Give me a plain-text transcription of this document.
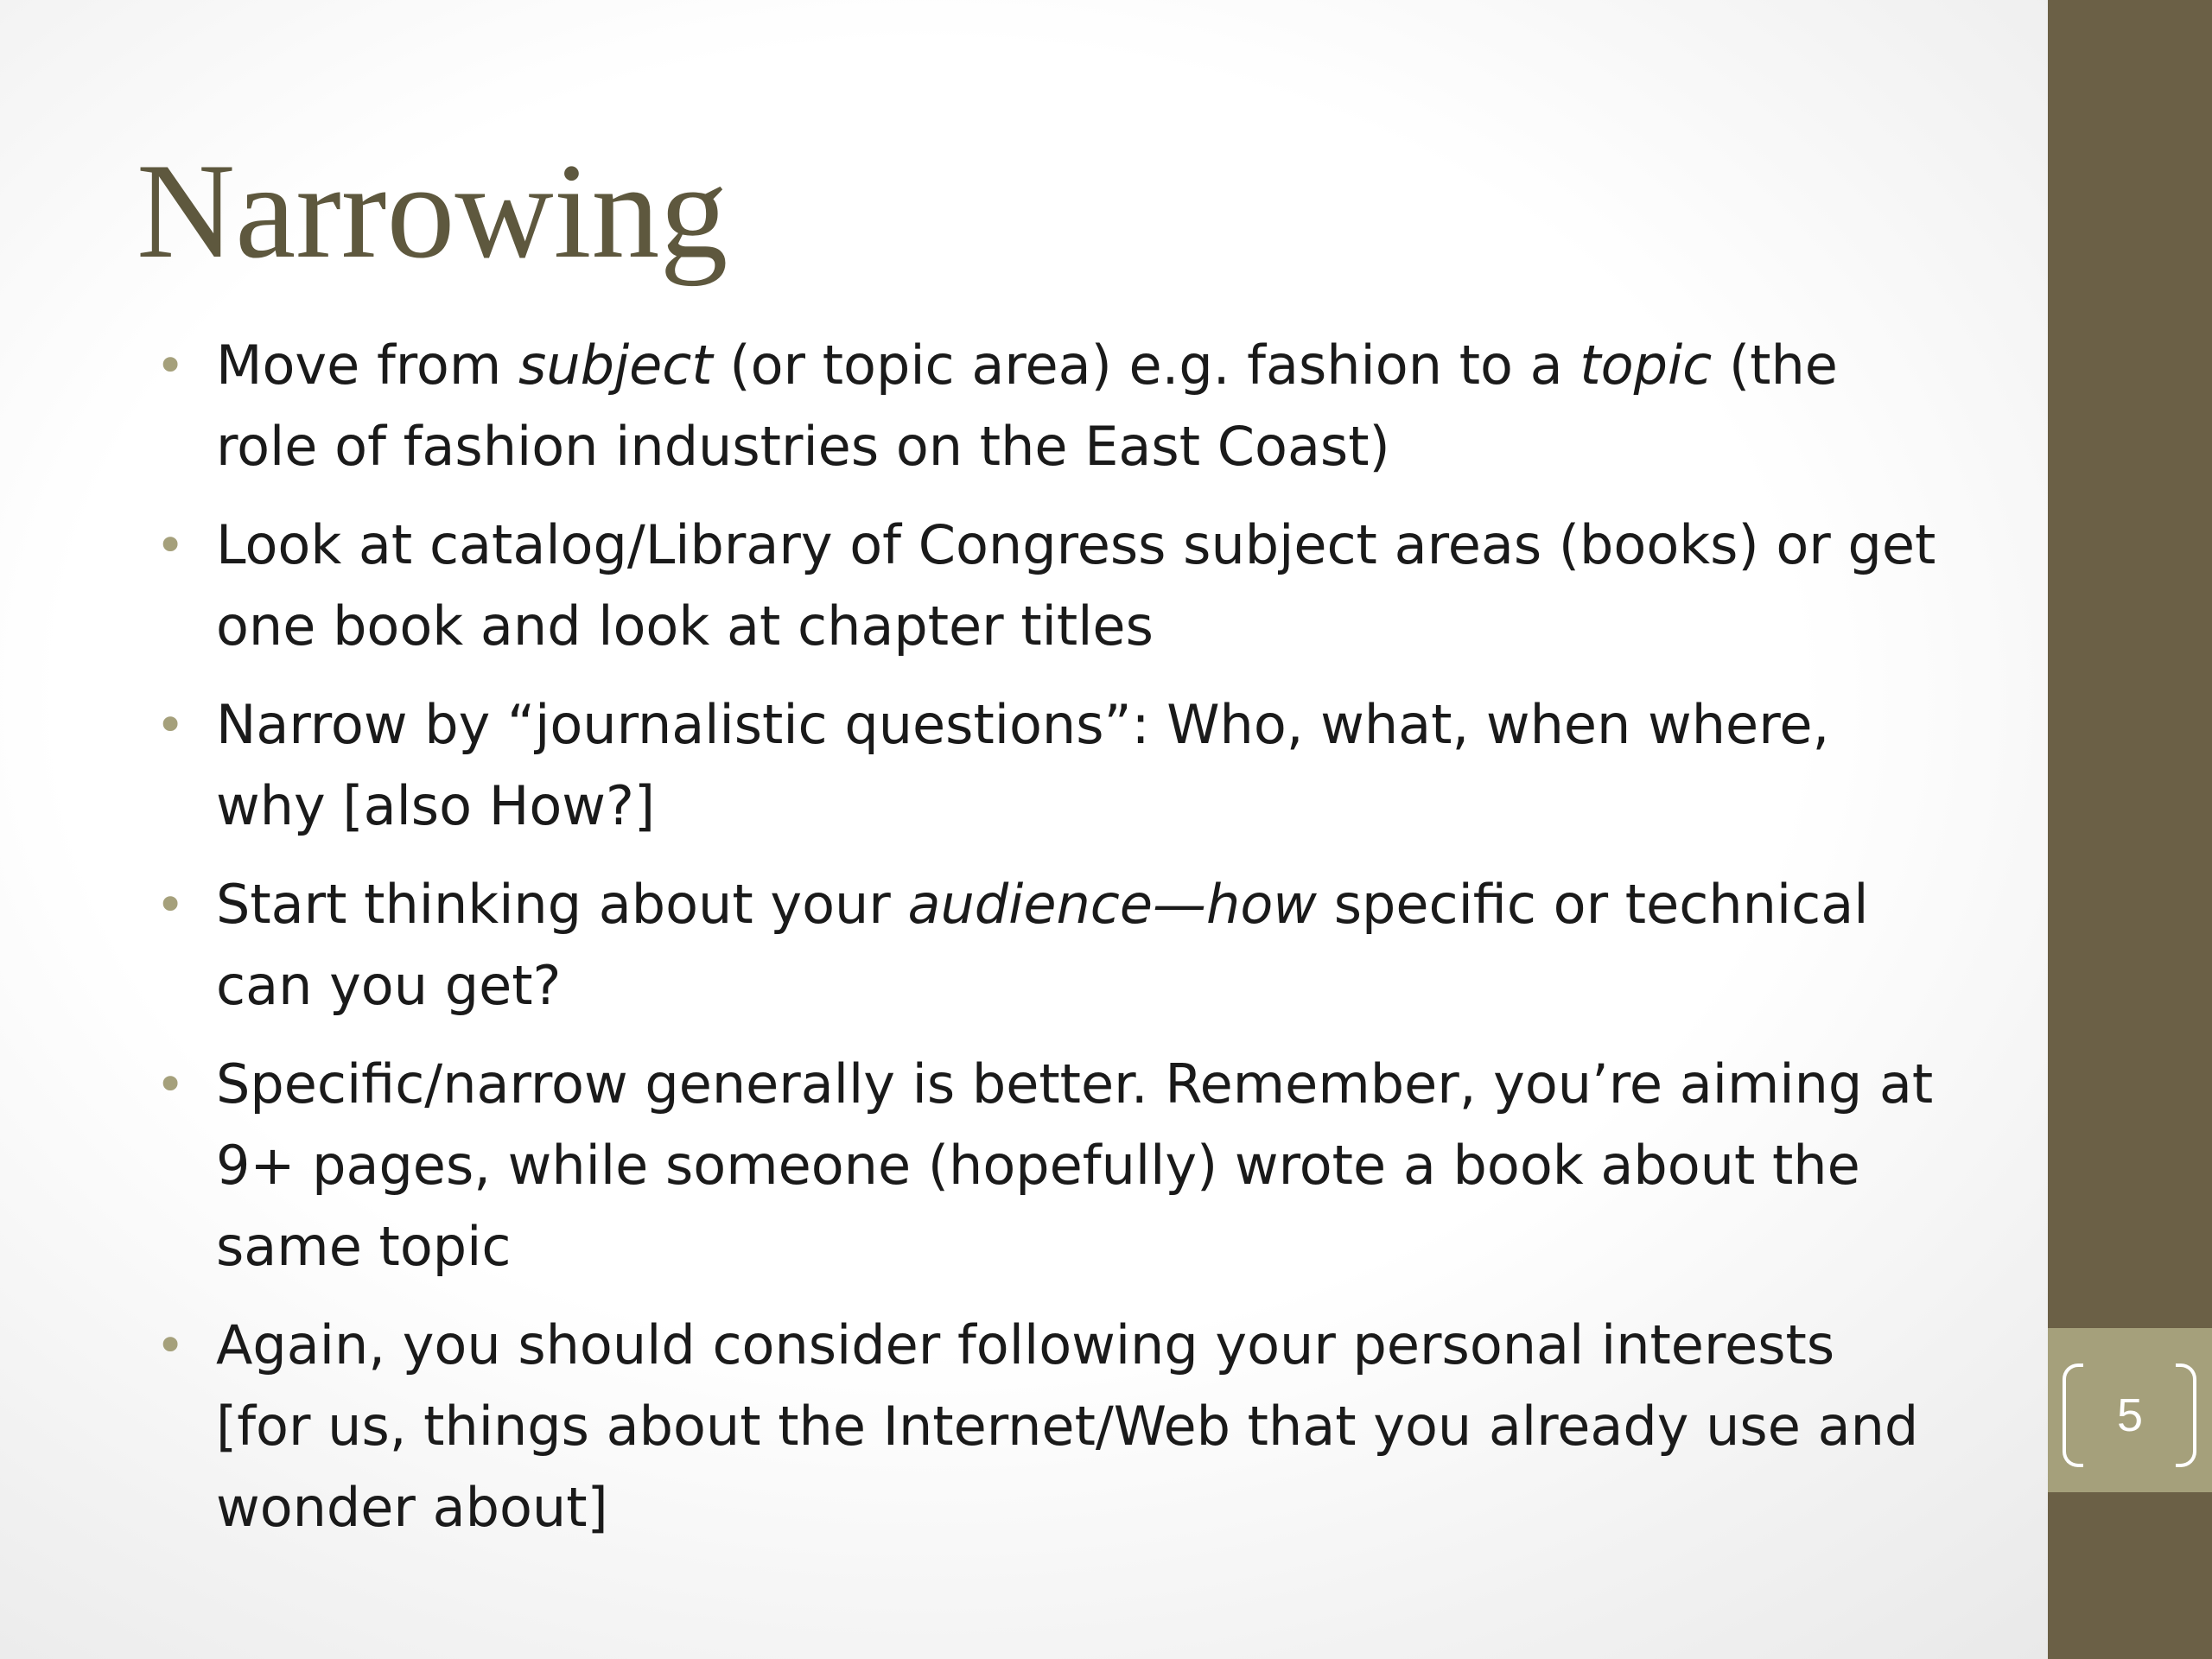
5
Narrowing
• Move from subject (or topic area) e.g. fashion to a topic (the role of fashion industries on the East Coast)
• Look at catalog/Library of Congress subject areas (books) or get one book and look at chapter titles
• Narrow by “journalistic questions”: Who, what, when where, why [also How?]
• Start thinking about your audience—how specific or technical can you get?
• Specific/narrow generally is better. Remember, you’re aiming at 9+ pages, while someone (hopefully) wrote a book about the same topic
• Again, you should consider following your personal interests [for us, things about the Internet/Web that you already use and wonder about]
